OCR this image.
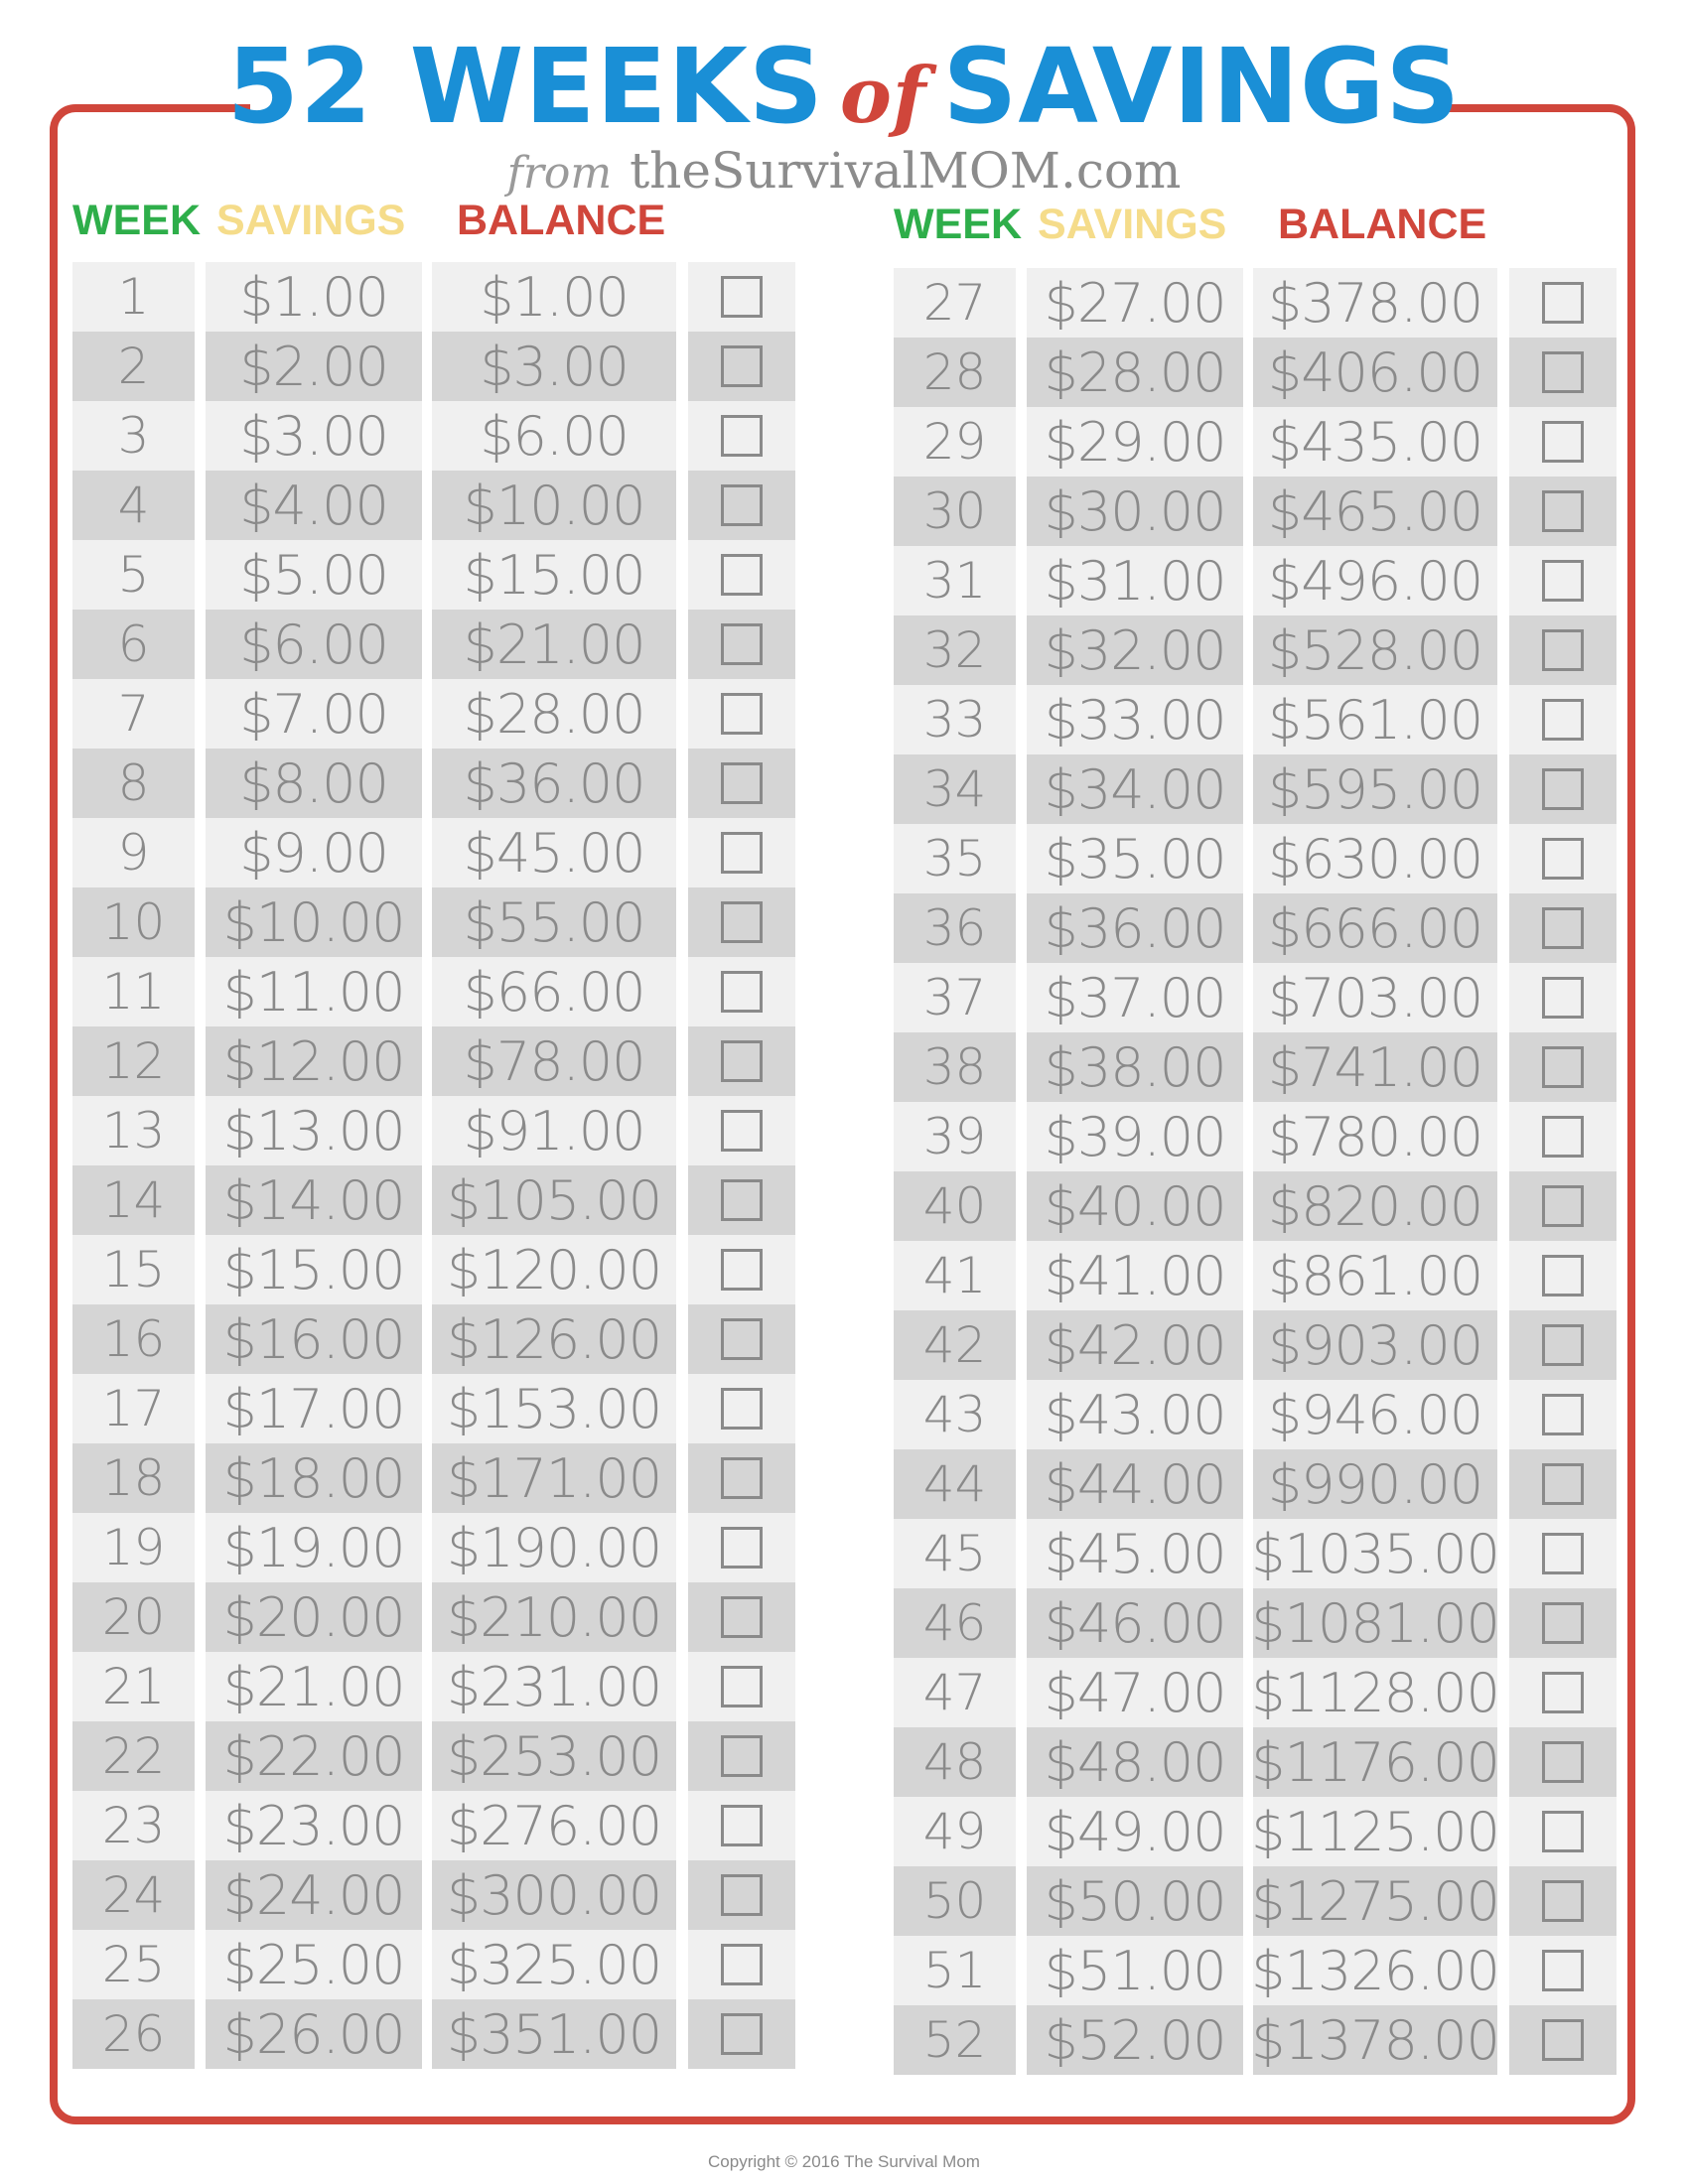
52 WEEKS of SAVINGS
from theSurvivalMOM.com
WEEK SAVINGS BALANCE
1
2
3
4
5
6
7
8
9
10
11
12
13
14
15
16
17
18
19
20
21
22
23
24
25
26
$1.00
$2.00
$3.00
$4.00
$5.00
$6.00
$7.00
$8.00
$9.00
$10.00
$11.00
$12.00
$13.00
$14.00
$15.00
$16.00
$17.00
$18.00
$19.00
$20.00
$21.00
$22.00
$23.00
$24.00
$25.00
$26.00
$1.00
$3.00
$6.00
$10.00
$15.00
$21.00
$28.00
$36.00
$45.00
$55.00
$66.00
$78.00
$91.00
$105.00
$120.00
$126.00
$153.00
$171.00
$190.00
$210.00
$231.00
$253.00
$276.00
$300.00
$325.00
$351.00
WEEK SAVINGS BALANCE
27
28
29
30
31
32
33
34
35
36
37
38
39
40
41
42
43
44
45
46
47
48
49
50
51
52
$27.00
$28.00
$29.00
$30.00
$31.00
$32.00
$33.00
$34.00
$35.00
$36.00
$37.00
$38.00
$39.00
$40.00
$41.00
$42.00
$43.00
$44.00
$45.00
$46.00
$47.00
$48.00
$49.00
$50.00
$51.00
$52.00
$378.00
$406.00
$435.00
$465.00
$496.00
$528.00
$561.00
$595.00
$630.00
$666.00
$703.00
$741.00
$780.00
$820.00
$861.00
$903.00
$946.00
$990.00
$1035.00
$1081.00
$1128.00
$1176.00
$1125.00
$1275.00
$1326.00
$1378.00
Copyright © 2016 The Survival Mom
